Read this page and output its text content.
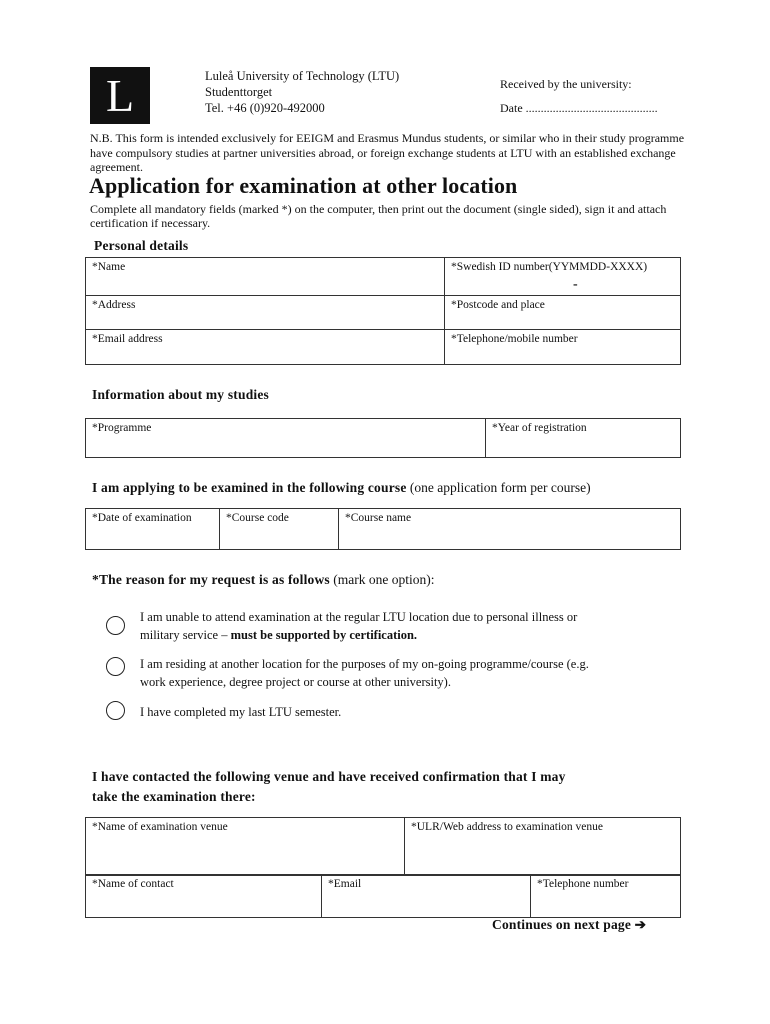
L	Luleå University of Technology (LTU)
Studenttorget
Tel. +46 (0)920-492000
Received by the university:
Date ............................................
N.B. This form is intended exclusively for EEIGM and Erasmus Mundus students, or similar who in their study programme have compulsory studies at partner universities abroad, or foreign exchange students at LTU with an established exchange agreement.
Application for examination at other location
Complete all mandatory fields (marked *) on the computer, then print out the document (single sided), sign it and attach certification if necessary.
Personal details
*Name	*Swedish ID number(YYMMDD-XXXX)
-

*Address	*Postcode and place
*Email address	*Telephone/mobile number
Information about my studies
*Programme	*Year of registration
I am applying to be examined in the following course (one application form per course)
*Date of examination	*Course code	*Course name
*The reason for my request is as follows (mark one option):
I am unable to attend examination at the regular LTU location due to personal illness or
military service – must be supported by certification.
I am residing at another location for the purposes of my on-going programme/course (e.g.
work experience, degree project or course at other university).
I have completed my last LTU semester.
I have contacted the following venue and have received confirmation that I may
take the examination there:
*Name of examination venue	*ULR/Web address to examination venue
*Name of contact	*Email	*Telephone number
Continues on next page ➔
